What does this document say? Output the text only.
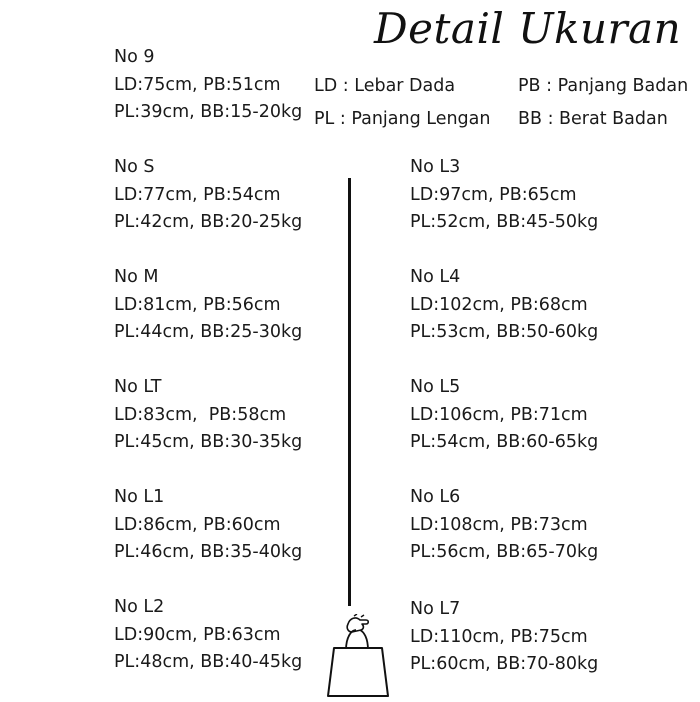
Detail Ukuran
LD : Lebar Dada	PB : Panjang Badan
PL : Panjang Lengan BB : Berat Badan
No 9
LD:75cm, PB:51cm
PL:39cm, BB:15-20kg
No S
LD:77cm, PB:54cm
PL:42cm, BB:20-25kg
No M
LD:81cm, PB:56cm
PL:44cm, BB:25-30kg
No LT
LD:83cm,  PB:58cm
PL:45cm, BB:30-35kg
No L1
LD:86cm, PB:60cm
PL:46cm, BB:35-40kg
No L2
LD:90cm, PB:63cm
PL:48cm, BB:40-45kg
No L3
LD:97cm, PB:65cm
PL:52cm, BB:45-50kg
No L4
LD:102cm, PB:68cm
PL:53cm, BB:50-60kg
No L5
LD:106cm, PB:71cm
PL:54cm, BB:60-65kg
No L6
LD:108cm, PB:73cm
PL:56cm, BB:65-70kg
No L7
LD:110cm, PB:75cm
PL:60cm, BB:70-80kg
